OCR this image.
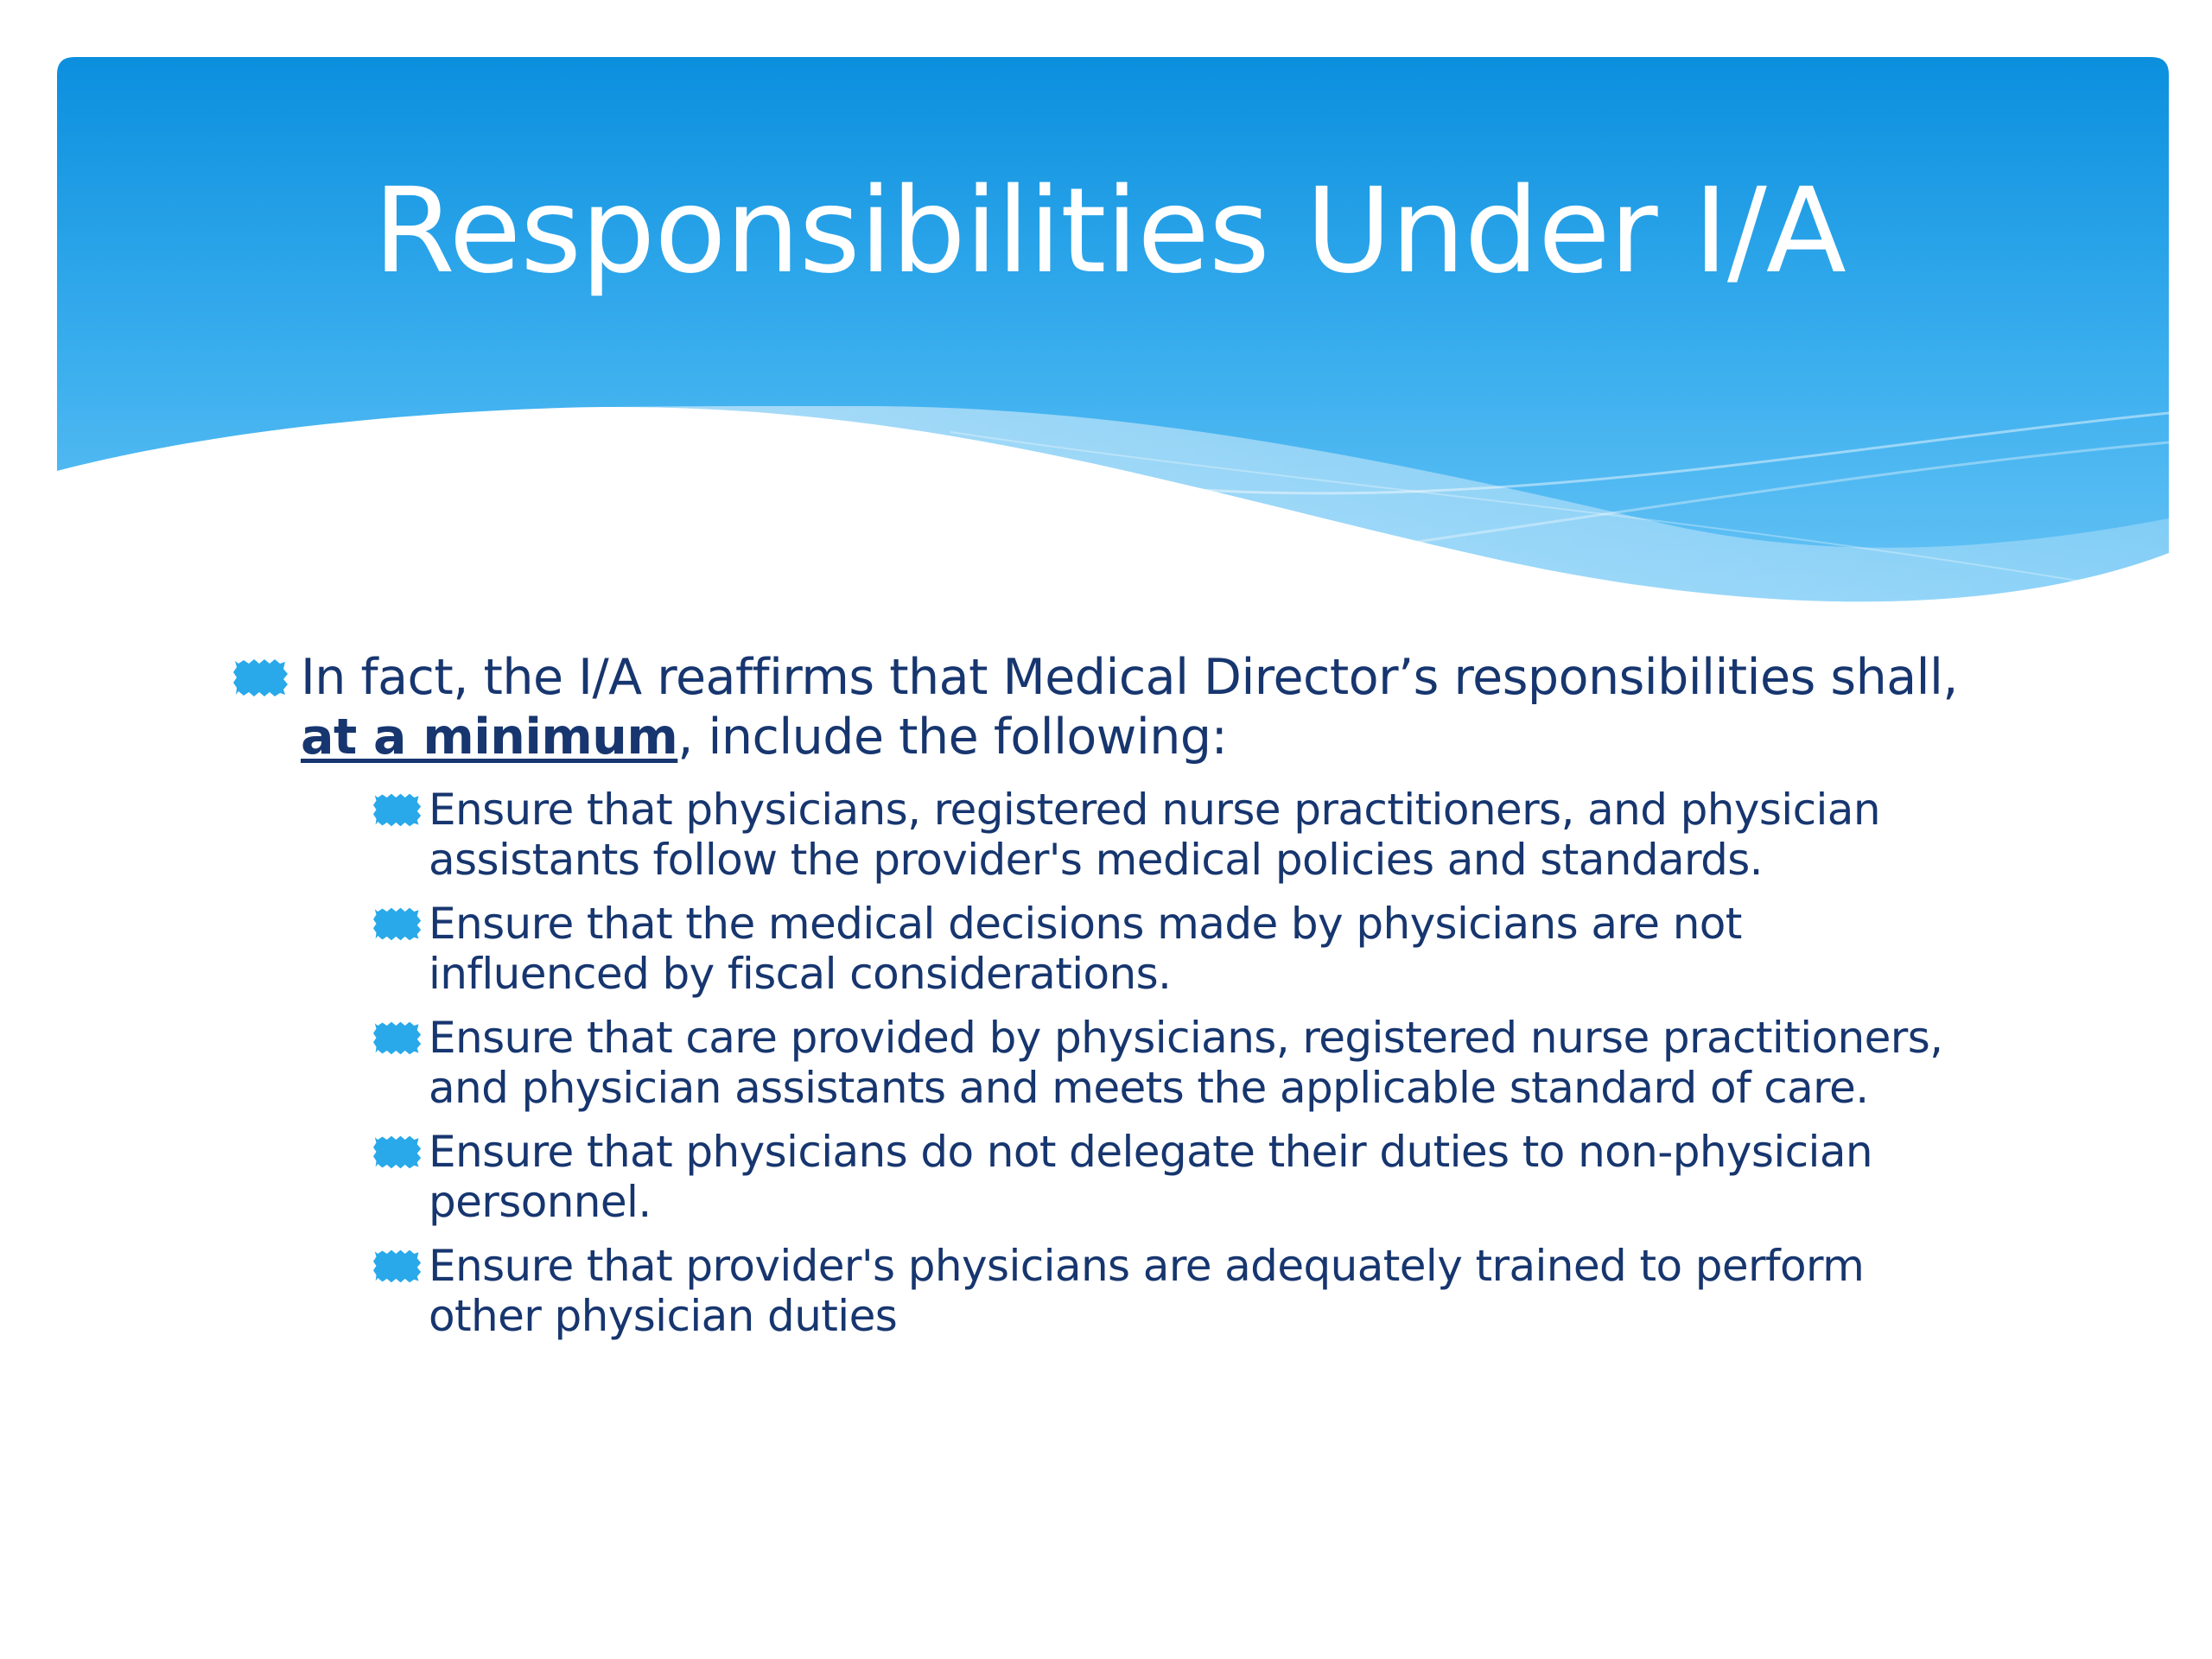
Responsibilities Under I/A
In fact, the I/A reaffirms that Medical Director’s responsibilities shall, at a minimum, include the following:
Ensure that physicians, registered nurse practitioners, and physician assistants follow the provider's medical policies and standards.
Ensure that the medical decisions made by physicians are not influenced by fiscal considerations.
Ensure that care provided by physicians, registered nurse practitioners, and physician assistants and meets the applicable standard of care.
Ensure that physicians do not delegate their duties to non-physician personnel.
Ensure that provider's physicians are adequately trained to perform other physician duties
